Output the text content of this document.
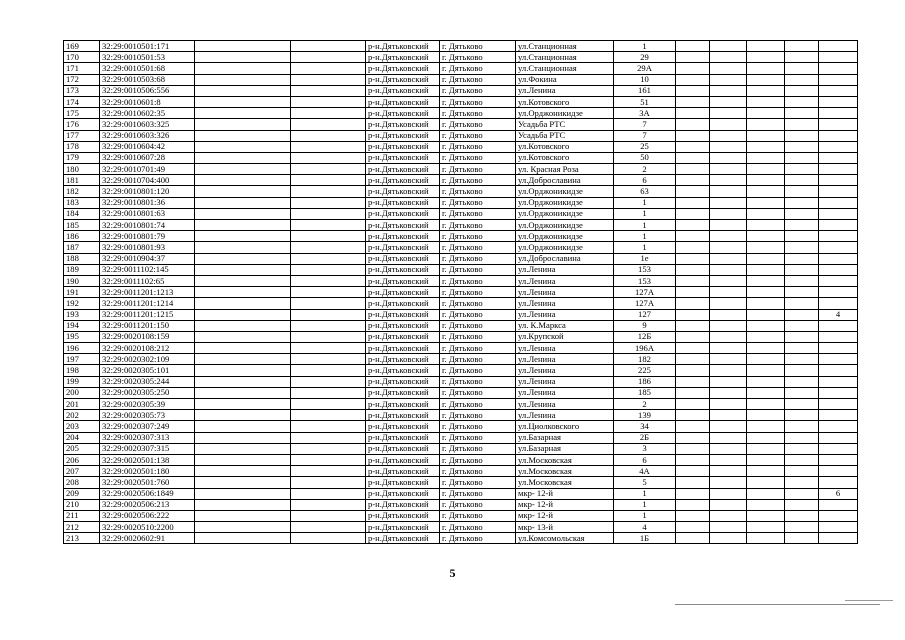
169	32:29:0010501:171			р-н.Дятьковский	г. Дятьково	ул.Станционная	1					
170	32:29:0010501:53			р-н.Дятьковский	г. Дятьково	ул.Станционная	29					
171	32:29:0010501:68			р-н.Дятьковский	г. Дятьково	ул.Станционная	29А					
172	32:29:0010503:68			р-н.Дятьковский	г. Дятьково	ул.Фокина	10					
173	32:29:0010506:556			р-н.Дятьковский	г. Дятьково	ул.Ленина	161					
174	32:29:0010601:8			р-н.Дятьковский	г. Дятьково	ул.Котовского	51					
175	32:29:0010602:35			р-н.Дятьковский	г. Дятьково	ул.Орджоникидзе	3А					
176	32:29:0010603:325			р-н.Дятьковский	г. Дятьково	Усадьба РТС	7					
177	32:29:0010603:326			р-н.Дятьковский	г. Дятьково	Усадьба РТС	7					
178	32:29:0010604:42			р-н.Дятьковский	г. Дятьково	ул.Котовского	25					
179	32:29:0010607:28			р-н.Дятьковский	г. Дятьково	ул.Котовского	50					
180	32:29:0010701:49			р-н.Дятьковский	г. Дятьково	ул. Красная Роза	2					
181	32:29:0010704:400			р-н.Дятьковский	г. Дятьково	ул.Доброславина	6					
182	32:29:0010801:120			р-н.Дятьковский	г. Дятьково	ул.Орджоникидзе	63					
183	32:29:0010801:36			р-н.Дятьковский	г. Дятьково	ул.Орджоникидзе	1					
184	32:29:0010801:63			р-н.Дятьковский	г. Дятьково	ул.Орджоникидзе	1					
185	32:29:0010801:74			р-н.Дятьковский	г. Дятьково	ул.Орджоникидзе	1					
186	32:29:0010801:79			р-н.Дятьковский	г. Дятьково	ул.Орджоникидзе	1					
187	32:29:0010801:93			р-н.Дятьковский	г. Дятьково	ул.Орджоникидзе	1					
188	32:29:0010904:37			р-н.Дятьковский	г. Дятьково	ул.Доброславина	1е					
189	32:29:0011102:145			р-н.Дятьковский	г. Дятьково	ул.Ленина	153					
190	32:29:0011102:65			р-н.Дятьковский	г. Дятьково	ул.Ленина	153					
191	32:29:0011201:1213			р-н.Дятьковский	г. Дятьково	ул.Ленина	127А					
192	32:29:0011201:1214			р-н.Дятьковский	г. Дятьково	ул.Ленина	127А					
193	32:29:0011201:1215			р-н.Дятьковский	г. Дятьково	ул.Ленина	127					4
194	32:29:0011201:150			р-н.Дятьковский	г. Дятьково	ул. К.Маркса	9					
195	32:29:0020108:159			р-н.Дятьковский	г. Дятьково	ул.Крупской	12Б					
196	32:29:0020108:212			р-н.Дятьковский	г. Дятьково	ул.Ленина	196А					
197	32:29:0020302:109			р-н.Дятьковский	г. Дятьково	ул.Ленина	182					
198	32:29:0020305:101			р-н.Дятьковский	г. Дятьково	ул.Ленина	225					
199	32:29:0020305:244			р-н.Дятьковский	г. Дятьково	ул.Ленина	186					
200	32:29:0020305:250			р-н.Дятьковский	г. Дятьково	ул.Ленина	185					
201	32:29:0020305:39			р-н.Дятьковский	г. Дятьково	ул.Ленина	2					
202	32:29:0020305:73			р-н.Дятьковский	г. Дятьково	ул.Ленина	139					
203	32:29:0020307:249			р-н.Дятьковский	г. Дятьково	ул.Циолковского	34					
204	32:29:0020307:313			р-н.Дятьковский	г. Дятьково	ул.Базарная	2Б					
205	32:29:0020307:315			р-н.Дятьковский	г. Дятьково	ул.Базарная	3					
206	32:29:0020501:138			р-н.Дятьковский	г. Дятьково	ул.Московская	6					
207	32:29:0020501:180			р-н.Дятьковский	г. Дятьково	ул.Московская	4А					
208	32:29:0020501:760			р-н.Дятьковский	г. Дятьково	ул.Московская	5					
209	32:29:0020506:1849			р-н.Дятьковский	г. Дятьково	мкр- 12-й	1					6
210	32:29:0020506:213			р-н.Дятьковский	г. Дятьково	мкр- 12-й	1					
211	32:29:0020506:222			р-н.Дятьковский	г. Дятьково	мкр- 12-й	1					
212	32:29:0020510:2200			р-н.Дятьковский	г. Дятьково	мкр- 13-й	4					
213	32:29:0020602:91			р-н.Дятьковский	г. Дятьково	ул.Комсомольская	1Б					
5
